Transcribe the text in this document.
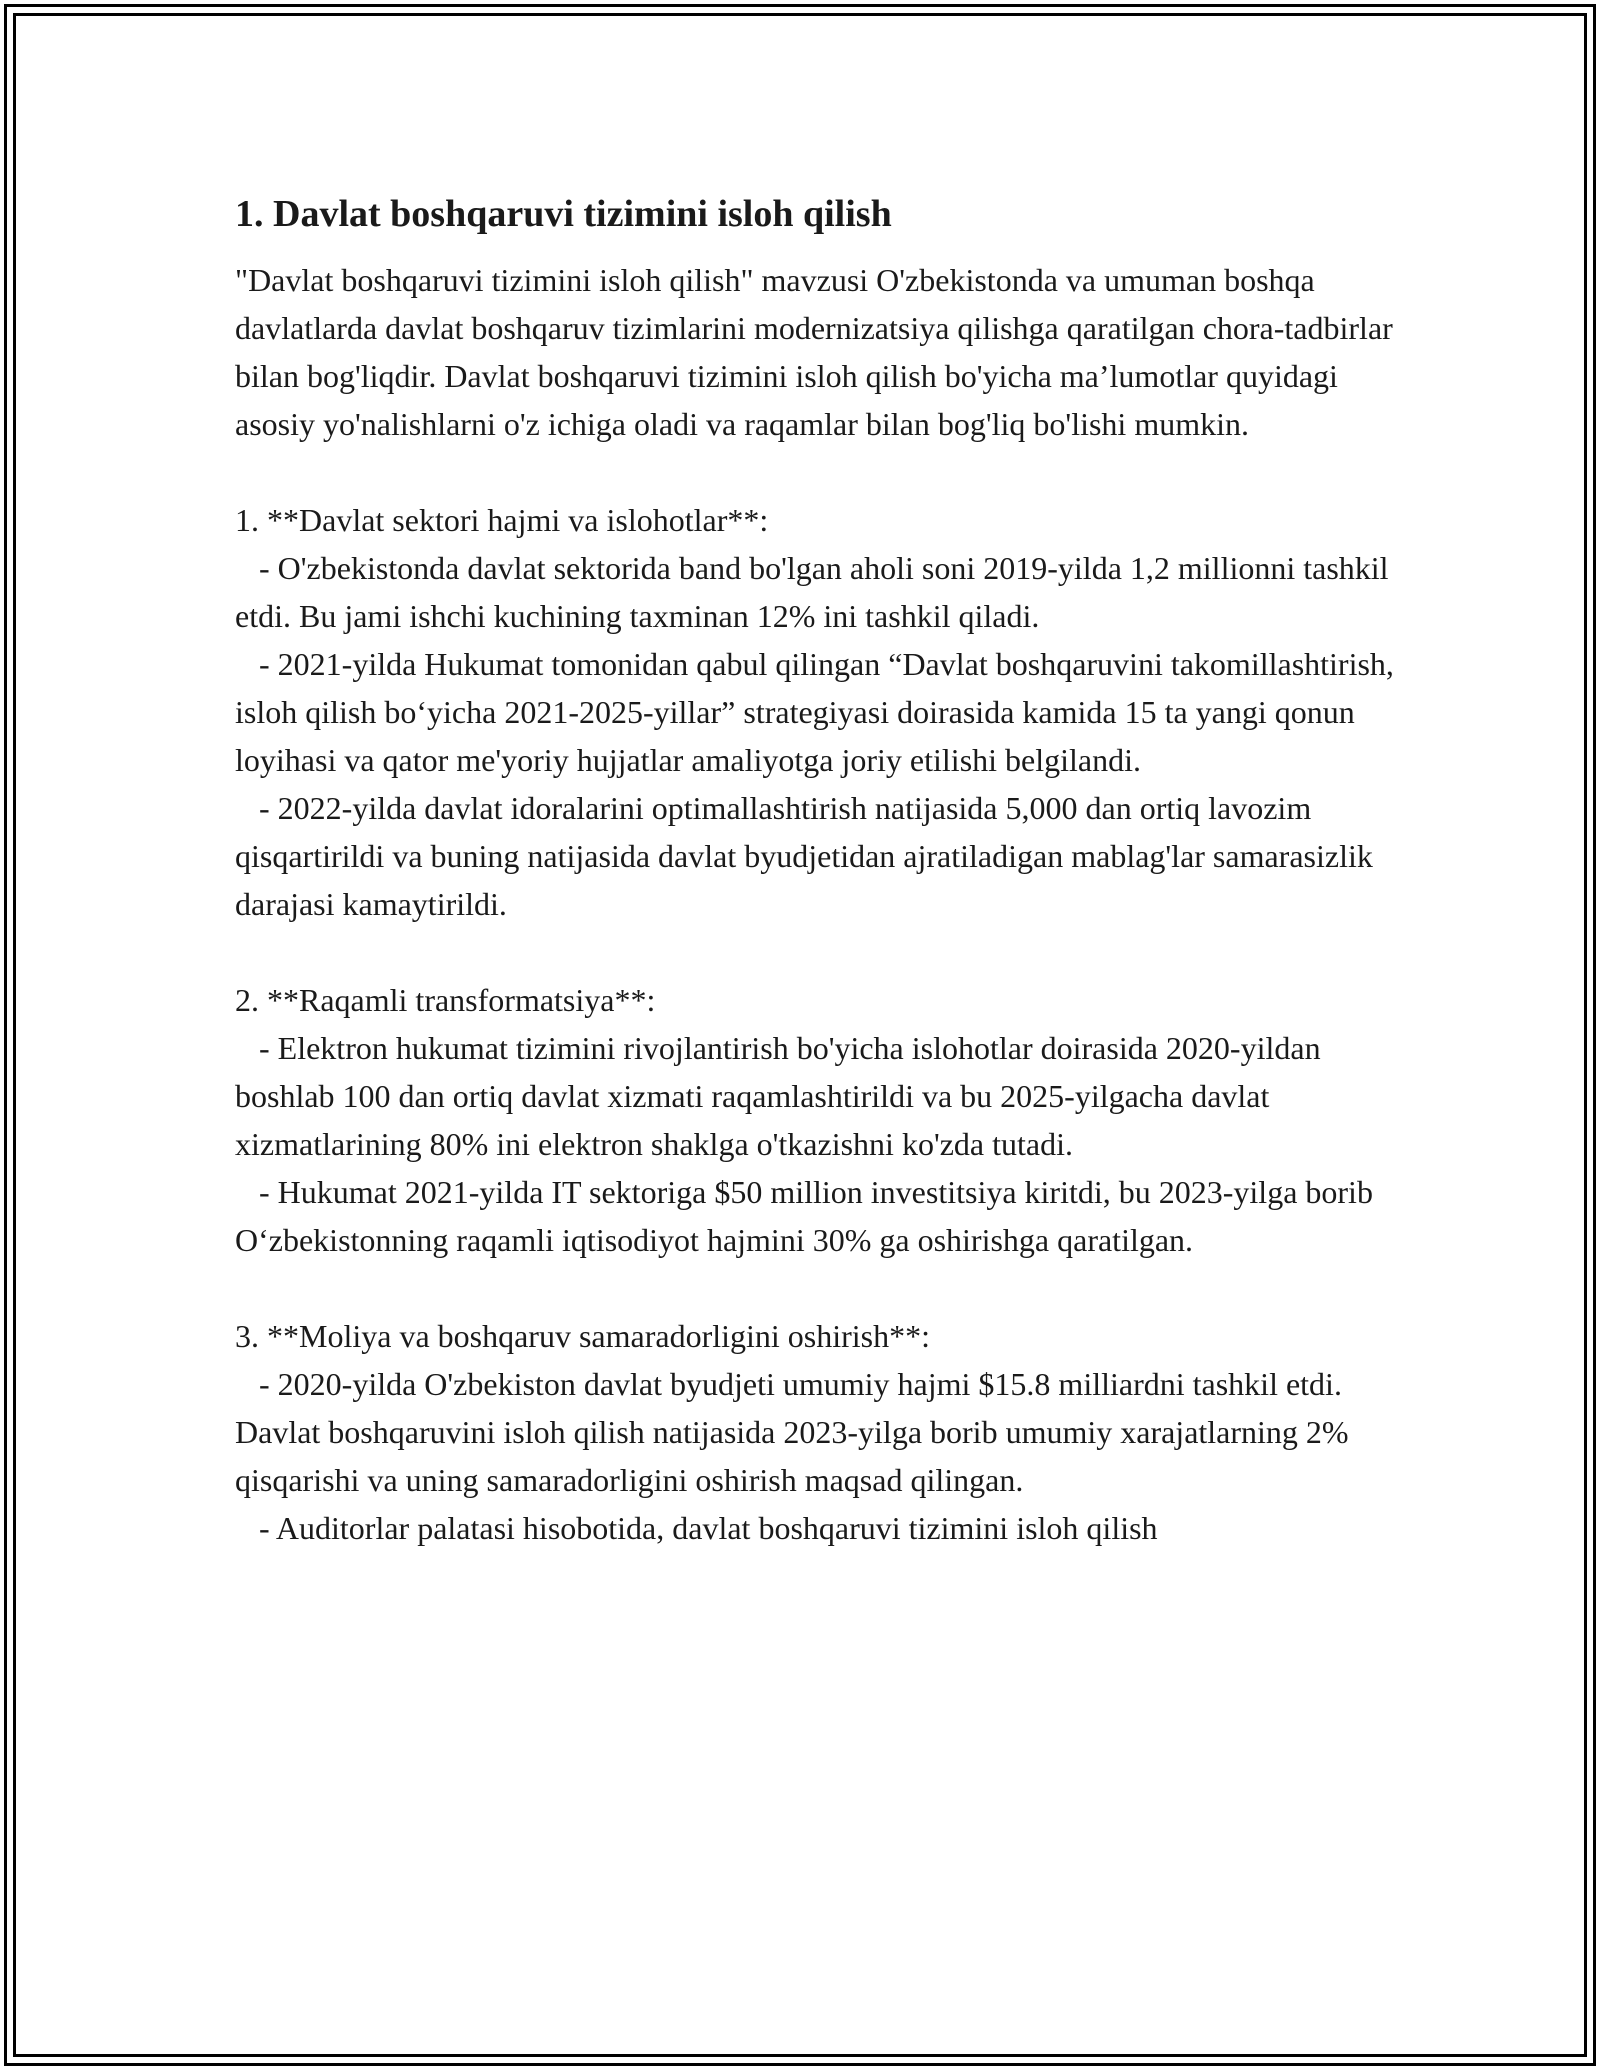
1. Davlat boshqaruvi tizimini isloh qilish

"Davlat boshqaruvi tizimini isloh qilish" mavzusi O'zbekistonda va umuman boshqa davlatlarda davlat boshqaruv tizimlarini modernizatsiya qilishga qaratilgan chora-tadbirlar bilan bog'liqdir. Davlat boshqaruvi tizimini isloh qilish bo'yicha ma’lumotlar quyidagi asosiy yo'nalishlarni o'z ichiga oladi va raqamlar bilan bog'liq bo'lishi mumkin.

1. **Davlat sektori hajmi va islohotlar**:

- O'zbekistonda davlat sektorida band bo'lgan aholi soni 2019-yilda 1,2 millionni tashkil etdi. Bu jami ishchi kuchining taxminan 12% ini tashkil qiladi.

- 2021-yilda Hukumat tomonidan qabul qilingan “Davlat boshqaruvini takomillashtirish, isloh qilish boʻyicha 2021-2025-yillar” strategiyasi doirasida kamida 15 ta yangi qonun loyihasi va qator me'yoriy hujjatlar amaliyotga joriy etilishi belgilandi.

- 2022-yilda davlat idoralarini optimallashtirish natijasida 5,000 dan ortiq lavozim qisqartirildi va buning natijasida davlat byudjetidan ajratiladigan mablag'lar samarasizlik darajasi kamaytirildi.

2. **Raqamli transformatsiya**:

- Elektron hukumat tizimini rivojlantirish bo'yicha islohotlar doirasida 2020-yildan boshlab 100 dan ortiq davlat xizmati raqamlashtirildi va bu 2025-yilgacha davlat xizmatlarining 80% ini elektron shaklga o'tkazishni ko'zda tutadi.

- Hukumat 2021-yilda IT sektoriga $50 million investitsiya kiritdi, bu 2023-yilga borib Oʻzbekistonning raqamli iqtisodiyot hajmini 30% ga oshirishga qaratilgan.

3. **Moliya va boshqaruv samaradorligini oshirish**:

- 2020-yilda O'zbekiston davlat byudjeti umumiy hajmi $15.8 milliardni tashkil etdi. Davlat boshqaruvini isloh qilish natijasida 2023-yilga borib umumiy xarajatlarning 2% qisqarishi va uning samaradorligini oshirish maqsad qilingan.

- Auditorlar palatasi hisobotida, davlat boshqaruvi tizimini isloh qilish
